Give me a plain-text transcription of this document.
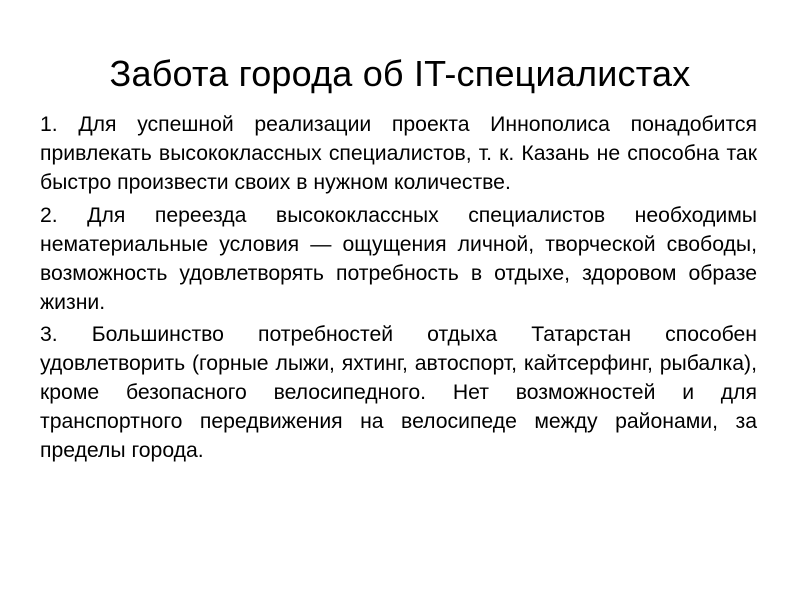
Забота города об IT-специалистах

1. Для успешной реализации проекта Иннополиса понадобится привлекать высококлассных специалистов, т. к. Казань не способна так быстро произвести своих в нужном количестве.

2. Для переезда высококлассных специалистов необходимы нематериальные условия — ощущения личной, творческой свободы, возможность удовлетворять потребность в отдыхе, здоровом образе жизни.

3. Большинство потребностей отдыха Татарстан способен удовлетворить (горные лыжи, яхтинг, автоспорт, кайтсерфинг, рыбалка), кроме безопасного велосипедного. Нет возможностей и для транспортного передвижения на велосипеде между районами, за пределы города.
